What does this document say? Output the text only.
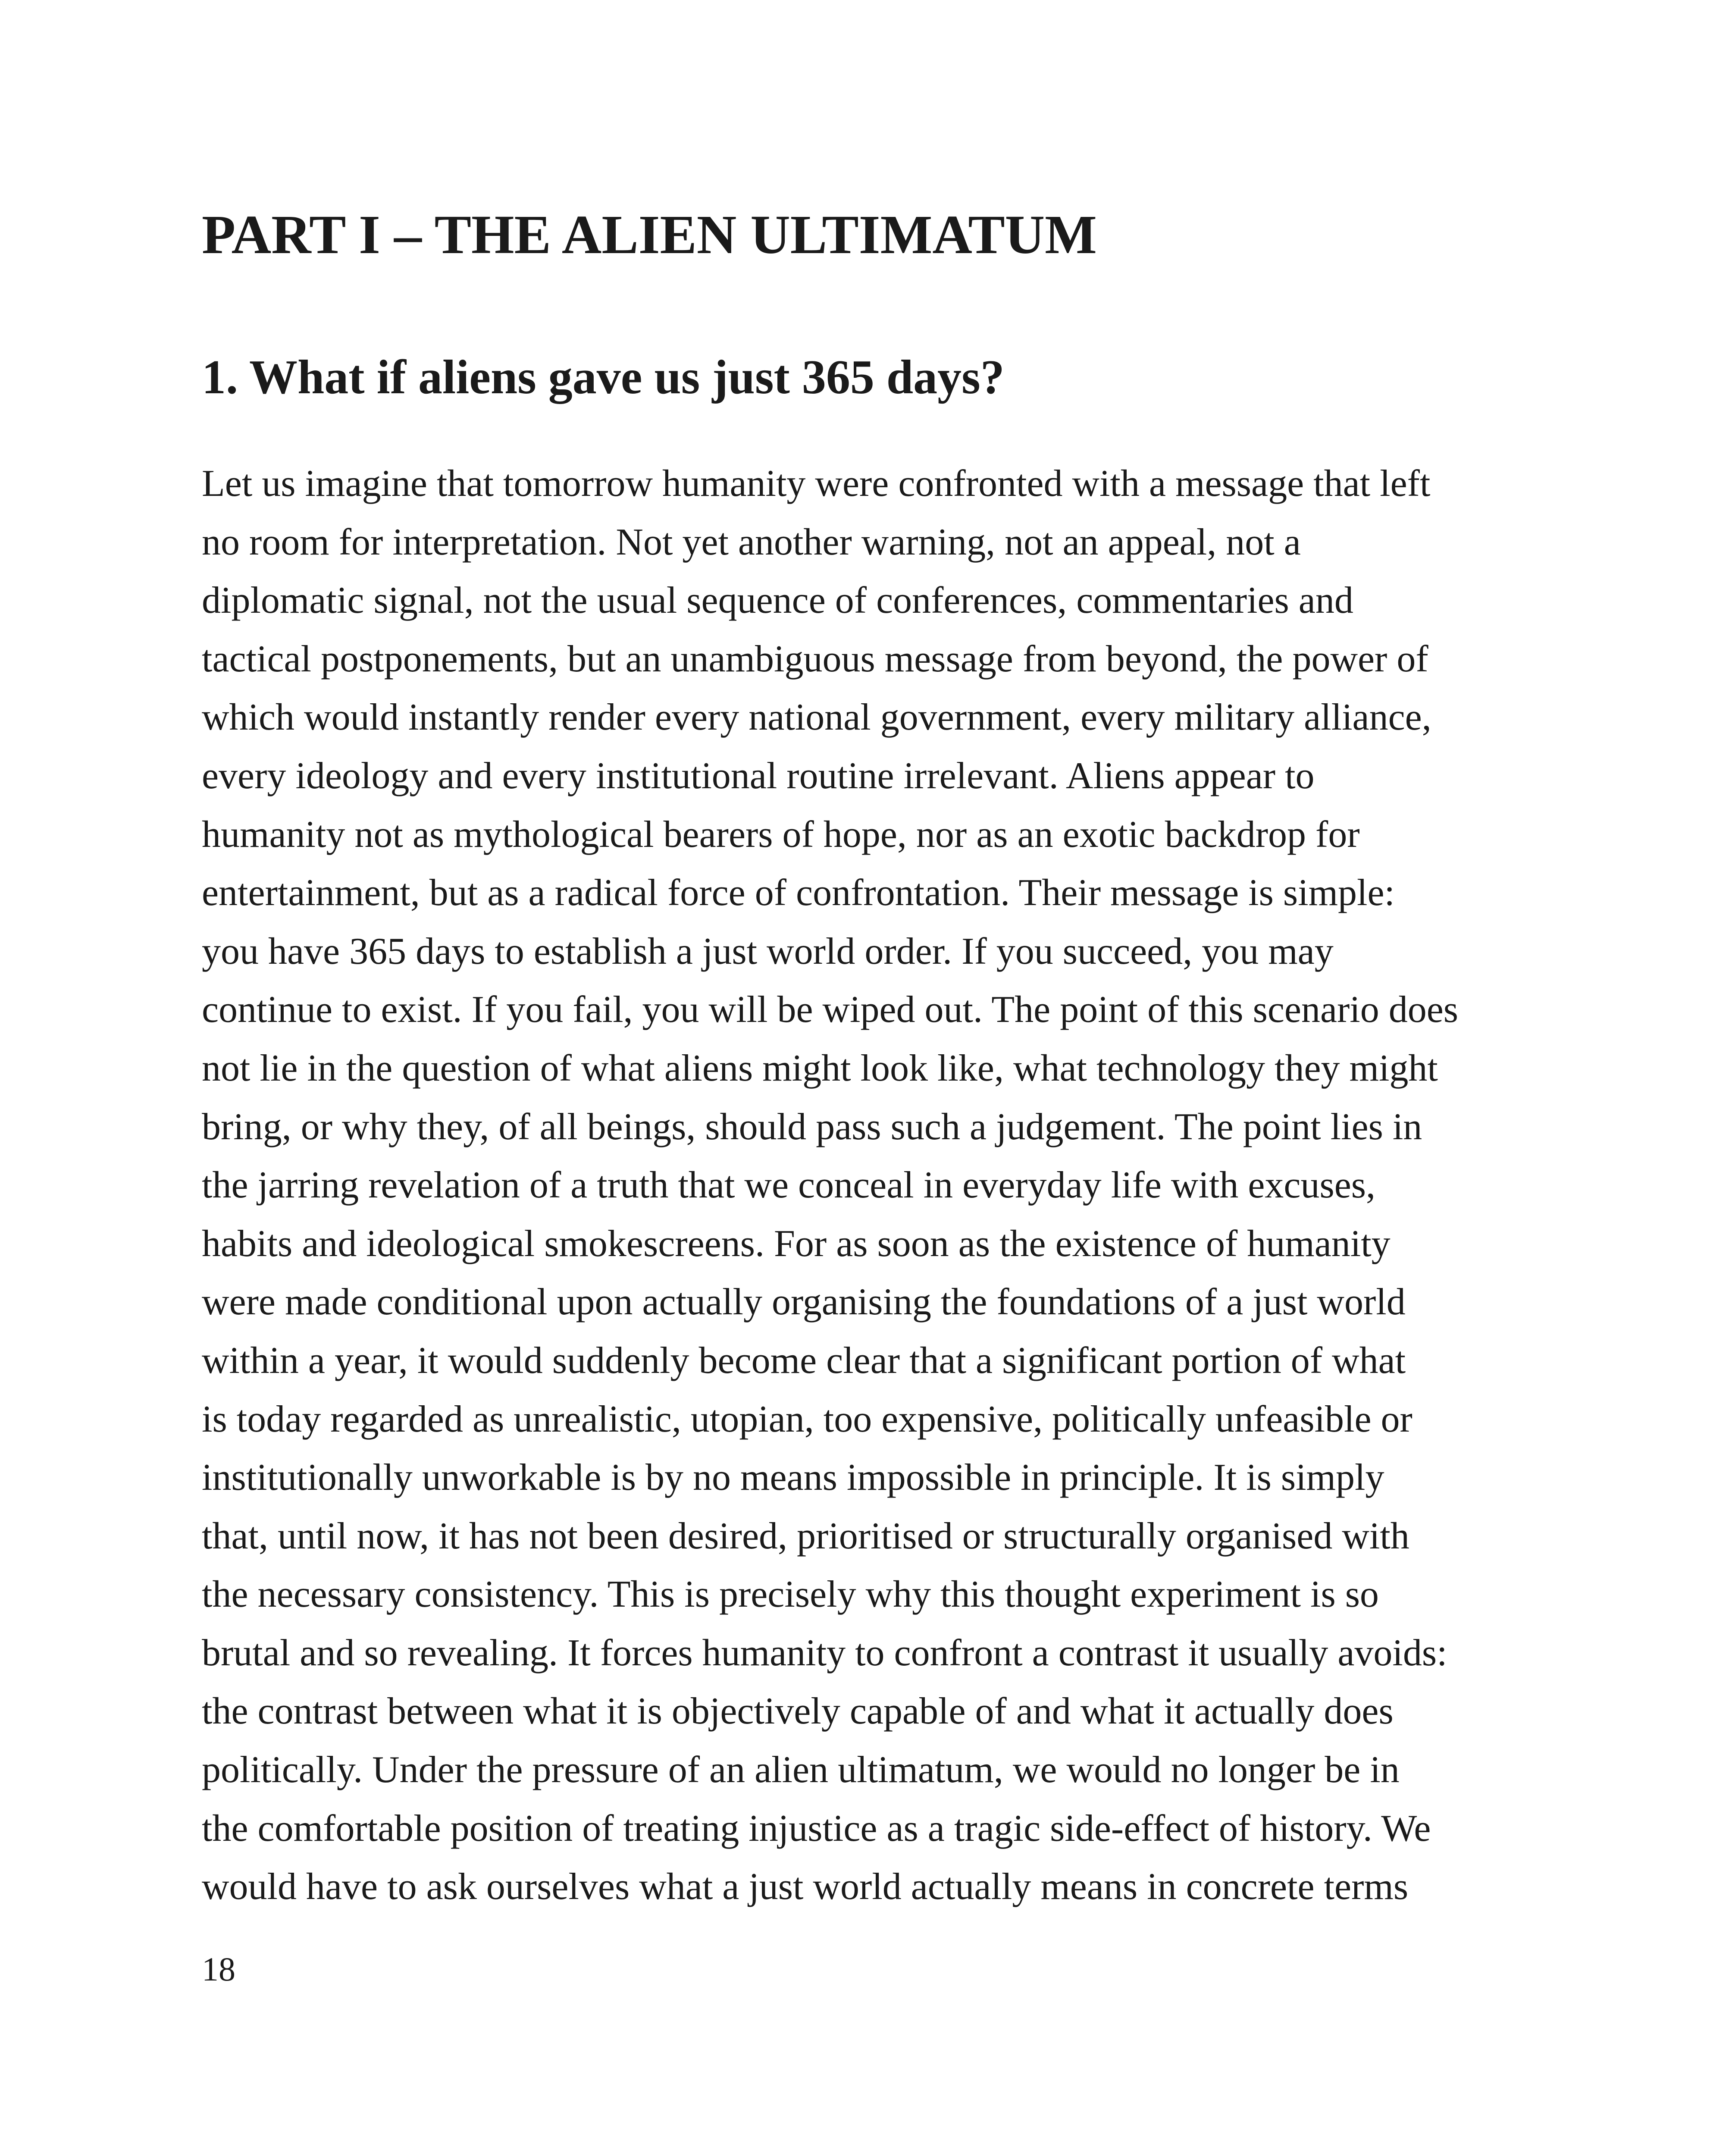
PART I – THE ALIEN ULTIMATUM
1. What if aliens gave us just 365 days?
Let us imagine that tomorrow humanity were confronted with a message that left
no room for interpretation. Not yet another warning, not an appeal, not a
diplomatic signal, not the usual sequence of conferences, commentaries and
tactical postponements, but an unambiguous message from beyond, the power of
which would instantly render every national government, every military alliance,
every ideology and every institutional routine irrelevant. Aliens appear to
humanity not as mythological bearers of hope, nor as an exotic backdrop for
entertainment, but as a radical force of confrontation. Their message is simple:
you have 365 days to establish a just world order. If you succeed, you may
continue to exist. If you fail, you will be wiped out. The point of this scenario does
not lie in the question of what aliens might look like, what technology they might
bring, or why they, of all beings, should pass such a judgement. The point lies in
the jarring revelation of a truth that we conceal in everyday life with excuses,
habits and ideological smokescreens. For as soon as the existence of humanity
were made conditional upon actually organising the foundations of a just world
within a year, it would suddenly become clear that a significant portion of what
is today regarded as unrealistic, utopian, too expensive, politically unfeasible or
institutionally unworkable is by no means impossible in principle. It is simply
that, until now, it has not been desired, prioritised or structurally organised with
the necessary consistency. This is precisely why this thought experiment is so
brutal and so revealing. It forces humanity to confront a contrast it usually avoids:
the contrast between what it is objectively capable of and what it actually does
politically. Under the pressure of an alien ultimatum, we would no longer be in
the comfortable position of treating injustice as a tragic side-effect of history. We
would have to ask ourselves what a just world actually means in concrete terms

18
